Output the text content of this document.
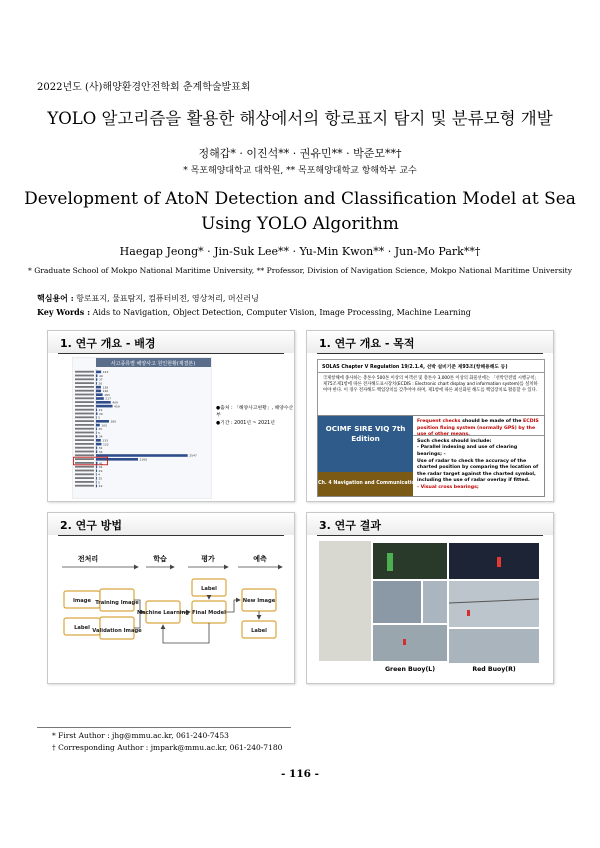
2022년도 (사)해양환경안전학회 춘계학술발표회
YOLO 알고리즘을 활용한 해상에서의 항로표지 탐지 및 분류모형 개발
정해갑* · 이진석** · 권유민** · 박준모**†
* 목포해양대학교 대학원, ** 목포해양대학교 항해학부 교수
Development of AtoN Detection and Classification Model at Sea
Using YOLO Algorithm
Haegap Jeong* · Jin-Suk Lee** · Yu-Min Kwon** · Jun-Mo Park**†
* Graduate School of Mokpo National Maritime University, ** Professor, Division of Navigation Science, Mokpo National Maritime University
핵심용어 : 항로표지, 물표탐지, 컴퓨터비전, 영상처리, 머신러닝
Key Words : Aids to Navigation, Object Detection, Computer Vision, Image Processing, Machine Learning
1. 연구 개요 - 배경
사고종류별 해양사고 원인현황(제결본)
143
40
37
26
138
140
183
217
409
459
29
39
5
360
105
25
5
34
133
152
32
34
2547
1166
41
32
29
4
25
5
29
●출처 : 「해양사고현황」, 해양수산부
●기간 : 2001년 ~ 2021년
1. 연구 개요 - 목적
SOLAS Chapter V Regulation 19/2.1.4, 선박 설비기준 제93조(항해용해도 등)
국제항해에 종사하는 총톤수 500톤 이상의 여객선 및 총톤수 3,000톤 이상의 화물선에는 「선박안전법 시행규칙」 제75조제1항에 따른 전자해도표시장치(ECDIS : Electronic chart display and information system)를 설치하여야 한다. 이 경우 전자해도 백업장치를 갖추어야 하며, 제1항에 따른 최신화된 해도를 백업장치로 활용할 수 있다.
OCIMF SIRE VIQ 7th Edition
Ch. 4 Navigation and Communication
Frequent checks should be made of the ECDIS position fixing system (normally GPS) by the use of other means.
Such checks should include:
- Parallel indexing and use of clearing bearings; -
Use of radar to check the accuracy of the charted position by comparing the location of the radar target against the charted symbol, including the use of radar overlay if fitted.
- Visual cross bearings;
2. 연구 방법
전처리	학습	평가	예측
Image
Label
Training Image
Validation Image
Machine Learning
Label
Final Model
New Image
Label
3. 연구 결과
Green Buoy(L)	Red Buoy(R)
* First Author : jhg@mmu.ac.kr, 061-240-7453
† Corresponding Author : jmpark@mmu.ac.kr, 061-240-7180
- 116 -
